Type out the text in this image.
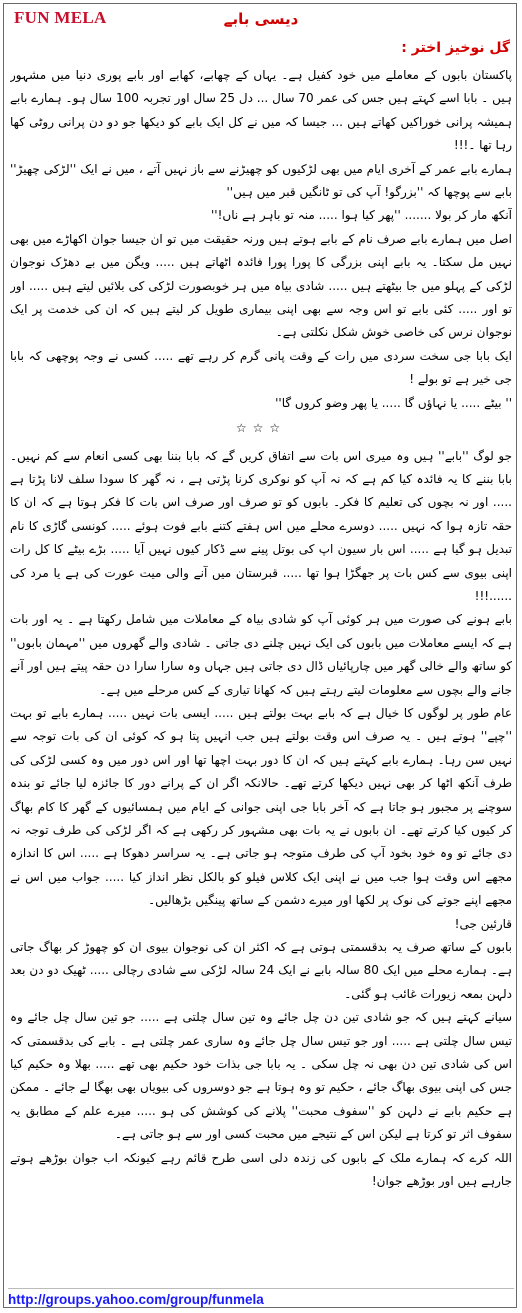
FUN MELA	دیسی بابے
گل نوخیز اختر :

پاکستان بابوں کے معاملے میں خود کفیل ہے۔ یہاں کے چھابے، کھابے اور بابے پوری دنیا میں مشہور ہیں ۔ بابا اسے کہتے ہیں جس کی عمر 70 سال ... دل 25 سال اور تجربہ 100 سال ہو۔ ہمارے بابے ہمیشہ پرانی خوراکیں کھاتے ہیں ... جیسا کہ میں نے کل ایک بابے کو دیکھا جو دو دن پرانی روٹی کھا رہا تھا ۔!!!

ہمارے بابے عمر کے آخری ایام میں بھی لڑکیوں کو چھیڑنے سے باز نہیں آتے ، میں نے ایک ''لڑکی چھیڑ'' بابے سے پوچھا کہ ''بزرگو! آپ کی تو ٹانگیں قبر میں ہیں''

آنکھ مار کر بولا ....... ''پھر کیا ہوا ..... منہ تو باہر ہے ناں!''

اصل میں ہمارے بابے صرف نام کے بابے ہوتے ہیں ورنہ حقیقت میں تو ان جیسا جوان اکھاڑے میں بھی نہیں مل سکتا۔ یہ بابے اپنی بزرگی کا پورا پورا فائدہ اٹھاتے ہیں ..... ویگن میں بے دھڑک نوجوان لڑکی کے پہلو میں جا بیٹھتے ہیں ..... شادی بیاہ میں ہر خوبصورت لڑکی کی بلائیں لیتے ہیں ..... اور تو اور ..... کئی بابے تو اس وجہ سے بھی اپنی بیماری طویل کر لیتے ہیں کہ ان کی خدمت پر ایک نوجوان نرس کی خاصی خوش شکل نکلتی ہے۔

ایک بابا جی سخت سردی میں رات کے وقت پانی گرم کر رہے تھے ..... کسی نے وجہ پوچھی کہ بابا جی خیر ہے تو بولے !

'' بیٹے ..... یا نہاؤں گا ..... یا پھر وضو کروں گا''

☆☆☆

جو لوگ ''بابے'' ہیں وہ میری اس بات سے اتفاق کریں گے کہ بابا بننا بھی کسی انعام سے کم نہیں۔ بابا بننے کا یہ فائدہ کیا کم ہے کہ نہ آپ کو نوکری کرنا پڑتی ہے ، نہ گھر کا سودا سلف لانا پڑتا ہے ..... اور نہ بچوں کی تعلیم کا فکر۔ بابوں کو تو صرف اور صرف اس بات کا فکر ہوتا ہے کہ ان کا حقہ تازہ ہوا کہ نہیں ..... دوسرے محلے میں اس ہفتے کتنے بابے فوت ہوئے ..... کونسی گاڑی کا نام تبدیل ہو گیا ہے ..... اس بار سیون اپ کی بوتل پینے سے ڈکار کیوں نہیں آیا ..... بڑے بیٹے کا کل رات اپنی بیوی سے کس بات پر جھگڑا ہوا تھا ..... قبرستان میں آنے والی میت عورت کی ہے یا مرد کی ......!!!

بابے ہونے کی صورت میں ہر کوئی آپ کو شادی بیاہ کے معاملات میں شامل رکھتا ہے ۔ یہ اور بات ہے کہ ایسے معاملات میں بابوں کی ایک نہیں چلنے دی جاتی ۔ شادی والے گھروں میں ''مہمان بابوں'' کو ساتھ والے خالی گھر میں چارپائیاں ڈال دی جاتی ہیں جہاں وہ سارا سارا دن حقہ پیتے ہیں اور آنے جانے والے بچوں سے معلومات لیتے رہتے ہیں کہ کھانا تیاری کے کس مرحلے میں ہے۔

عام طور پر لوگوں کا خیال ہے کہ بابے بہت بولتے ہیں ..... ایسی بات نہیں ..... ہمارے بابے تو بہت ''چپے'' ہوتے ہیں ۔ یہ صرف اس وقت بولتے ہیں جب انہیں پتا ہو کہ کوئی ان کی بات توجہ سے نہیں سن رہا۔ ہمارے بابے کہتے ہیں کہ ان کا دور بہت اچھا تھا اور اس دور میں وہ کسی لڑکی کی طرف آنکھ اٹھا کر بھی نہیں دیکھا کرتے تھے۔ حالانکہ اگر ان کے پرانے دور کا جائزہ لیا جائے تو بندہ سوچنے پر مجبور ہو جاتا ہے کہ آخر بابا جی اپنی جوانی کے ایام میں ہمسائیوں کے گھر کا کام بھاگ کر کیوں کیا کرتے تھے۔ ان بابوں نے یہ بات بھی مشہور کر رکھی ہے کہ اگر لڑکی کی طرف توجہ نہ دی جائے تو وہ خود بخود آپ کی طرف متوجہ ہو جاتی ہے۔ یہ سراسر دھوکا ہے ..... اس کا اندازہ مجھے اس وقت ہوا جب میں نے اپنی ایک کلاس فیلو کو بالکل نظر انداز کیا ..... جواب میں اس نے مجھے اپنے جوتے کی نوک پر لکھا اور میرے دشمن کے ساتھ پینگیں بڑھالیں۔

قارئین جی!

بابوں کے ساتھ صرف یہ بدقسمتی ہوتی ہے کہ اکثر ان کی نوجوان بیوی ان کو چھوڑ کر بھاگ جاتی ہے۔ ہمارے محلے میں ایک 80 سالہ بابے نے ایک 24 سالہ لڑکی سے شادی رچالی ..... ٹھیک دو دن بعد دلہن بمعہ زیورات غائب ہو گئی۔

سیانے کہتے ہیں کہ جو شادی تین دن چل جائے وہ تین سال چلتی ہے ..... جو تین سال چل جائے وہ تیس سال چلتی ہے ..... اور جو تیس سال چل جائے وہ ساری عمر چلتی ہے ۔ بابے کی بدقسمتی کہ اس کی شادی تین دن بھی نہ چل سکی ۔ یہ بابا جی بذات خود حکیم بھی تھے ..... بھلا وہ حکیم کیا جس کی اپنی بیوی بھاگ جائے ، حکیم تو وہ ہوتا ہے جو دوسروں کی بیویاں بھی بھگا لے جائے ۔ ممکن ہے حکیم بابے نے دلہن کو ''سفوف محبت'' پلانے کی کوشش کی ہو ..... میرے علم کے مطابق یہ سفوف اثر تو کرتا ہے لیکن اس کے نتیجے میں محبت کسی اور سے ہو جاتی ہے۔

اللہ کرے کہ ہمارے ملک کے بابوں کی زندہ دلی اسی طرح قائم رہے کیونکہ اب جوان بوڑھے ہوتے جارہے ہیں اور بوڑھے جوان!

http://groups.yahoo.com/group/funmela
